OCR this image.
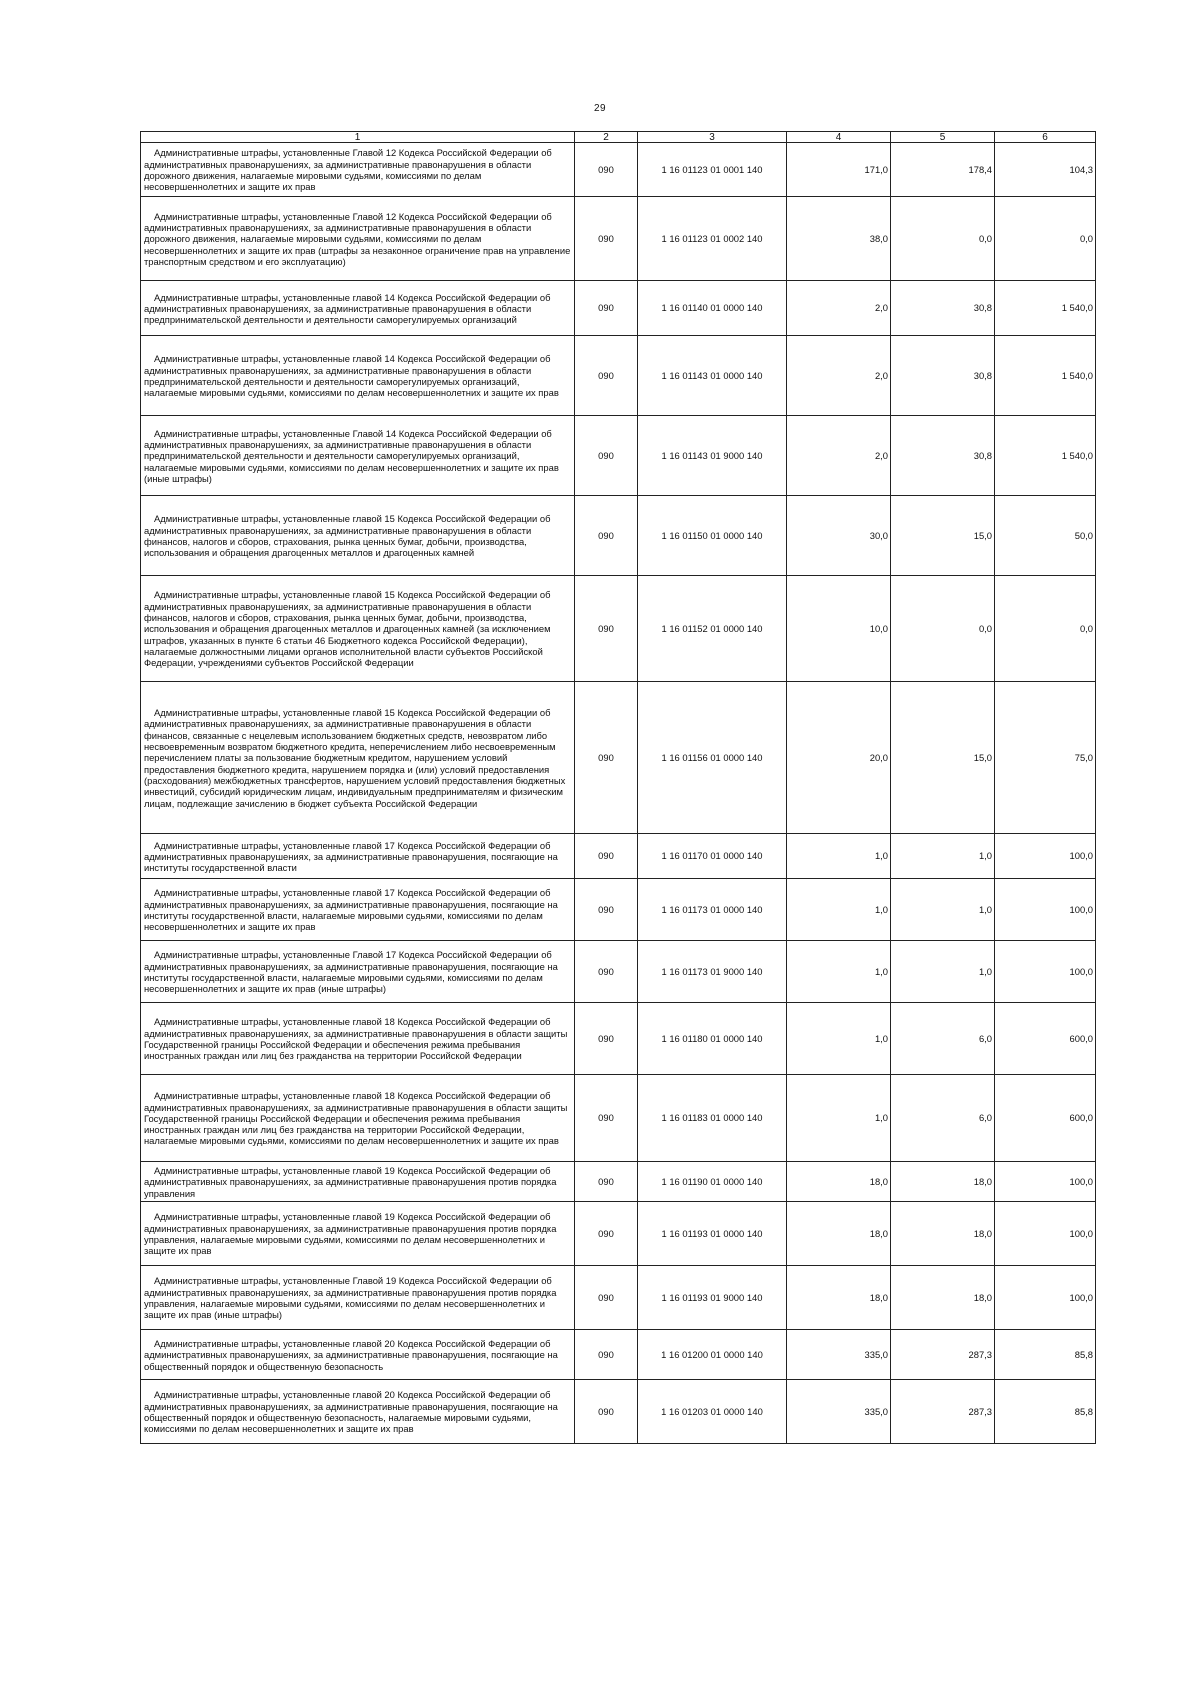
29
1	2	3	4	5	6

Административные штрафы, установленные Главой 12 Кодекса Российской Федерации об административных правонарушениях, за административные правонарушения в области дорожного движения, налагаемые мировыми судьями, комиссиями по делам несовершеннолетних и защите их прав	090	1 16 01123 01 0001 140	171,0	178,4	104,3

Административные штрафы, установленные Главой 12 Кодекса Российской Федерации об административных правонарушениях, за административные правонарушения в области дорожного движения, налагаемые мировыми судьями, комиссиями по делам несовершеннолетних и защите их прав (штрафы за незаконное ограничение прав на управление транспортным средством и его эксплуатацию)	090	1 16 01123 01 0002 140	38,0	0,0	0,0

Административные штрафы, установленные главой 14 Кодекса Российской Федерации об административных правонарушениях, за административные правонарушения в области предпринимательской деятельности и деятельности саморегулируемых организаций	090	1 16 01140 01 0000 140	2,0	30,8	1 540,0

Административные штрафы, установленные главой 14 Кодекса Российской Федерации об административных правонарушениях, за административные правонарушения в области предпринимательской деятельности и деятельности саморегулируемых организаций, налагаемые мировыми судьями, комиссиями по делам несовершеннолетних и защите их прав	090	1 16 01143 01 0000 140	2,0	30,8	1 540,0

Административные штрафы, установленные Главой 14 Кодекса Российской Федерации об административных правонарушениях, за административные правонарушения в области предпринимательской деятельности и деятельности саморегулируемых организаций, налагаемые мировыми судьями, комиссиями по делам несовершеннолетних и защите их прав (иные штрафы)	090	1 16 01143 01 9000 140	2,0	30,8	1 540,0

Административные штрафы, установленные главой 15 Кодекса Российской Федерации об административных правонарушениях, за административные правонарушения в области финансов, налогов и сборов, страхования, рынка ценных бумаг, добычи, производства, использования и обращения драгоценных металлов и драгоценных камней	090	1 16 01150 01 0000 140	30,0	15,0	50,0

Административные штрафы, установленные главой 15 Кодекса Российской Федерации об административных правонарушениях, за административные правонарушения в области финансов, налогов и сборов, страхования, рынка ценных бумаг, добычи, производства, использования и обращения драгоценных металлов и драгоценных камней (за исключением штрафов, указанных в пункте 6 статьи 46 Бюджетного кодекса Российской Федерации), налагаемые должностными лицами органов исполнительной власти субъектов Российской Федерации, учреждениями субъектов Российской Федерации	090	1 16 01152 01 0000 140	10,0	0,0	0,0

Административные штрафы, установленные главой 15 Кодекса Российской Федерации об административных правонарушениях, за административные правонарушения в области финансов, связанные с нецелевым использованием бюджетных средств, невозвратом либо несвоевременным возвратом бюджетного кредита, неперечислением либо несвоевременным перечислением платы за пользование бюджетным кредитом, нарушением условий предоставления бюджетного кредита, нарушением порядка и (или) условий предоставления (расходования) межбюджетных трансфертов, нарушением условий предоставления бюджетных инвестиций, субсидий юридическим лицам, индивидуальным предпринимателям и физическим лицам, подлежащие зачислению в бюджет субъекта Российской Федерации	090	1 16 01156 01 0000 140	20,0	15,0	75,0

Административные штрафы, установленные главой 17 Кодекса Российской Федерации об административных правонарушениях, за административные правонарушения, посягающие на институты государственной власти	090	1 16 01170 01 0000 140	1,0	1,0	100,0

Административные штрафы, установленные главой 17 Кодекса Российской Федерации об административных правонарушениях, за административные правонарушения, посягающие на институты государственной власти, налагаемые мировыми судьями, комиссиями по делам несовершеннолетних и защите их прав	090	1 16 01173 01 0000 140	1,0	1,0	100,0

Административные штрафы, установленные Главой 17 Кодекса Российской Федерации об административных правонарушениях, за административные правонарушения, посягающие на институты государственной власти, налагаемые мировыми судьями, комиссиями по делам несовершеннолетних и защите их прав (иные штрафы)	090	1 16 01173 01 9000 140	1,0	1,0	100,0

Административные штрафы, установленные главой 18 Кодекса Российской Федерации об административных правонарушениях, за административные правонарушения в области защиты Государственной границы Российской Федерации и обеспечения режима пребывания иностранных граждан или лиц без гражданства на территории Российской Федерации	090	1 16 01180 01 0000 140	1,0	6,0	600,0

Административные штрафы, установленные главой 18 Кодекса Российской Федерации об административных правонарушениях, за административные правонарушения в области защиты Государственной границы Российской Федерации и обеспечения режима пребывания иностранных граждан или лиц без гражданства на территории Российской Федерации, налагаемые мировыми судьями, комиссиями по делам несовершеннолетних и защите их прав	090	1 16 01183 01 0000 140	1,0	6,0	600,0

Административные штрафы, установленные главой 19 Кодекса Российской Федерации об административных правонарушениях, за административные правонарушения против порядка управления	090	1 16 01190 01 0000 140	18,0	18,0	100,0

Административные штрафы, установленные главой 19 Кодекса Российской Федерации об административных правонарушениях, за административные правонарушения против порядка управления, налагаемые мировыми судьями, комиссиями по делам несовершеннолетних и защите их прав	090	1 16 01193 01 0000 140	18,0	18,0	100,0

Административные штрафы, установленные Главой 19 Кодекса Российской Федерации об административных правонарушениях, за административные правонарушения против порядка управления, налагаемые мировыми судьями, комиссиями по делам несовершеннолетних и защите их прав (иные штрафы)	090	1 16 01193 01 9000 140	18,0	18,0	100,0

Административные штрафы, установленные главой 20 Кодекса Российской Федерации об административных правонарушениях, за административные правонарушения, посягающие на общественный порядок и общественную безопасность	090	1 16 01200 01 0000 140	335,0	287,3	85,8

Административные штрафы, установленные главой 20 Кодекса Российской Федерации об административных правонарушениях, за административные правонарушения, посягающие на общественный порядок и общественную безопасность, налагаемые мировыми судьями, комиссиями по делам несовершеннолетних и защите их прав	090	1 16 01203 01 0000 140	335,0	287,3	85,8
